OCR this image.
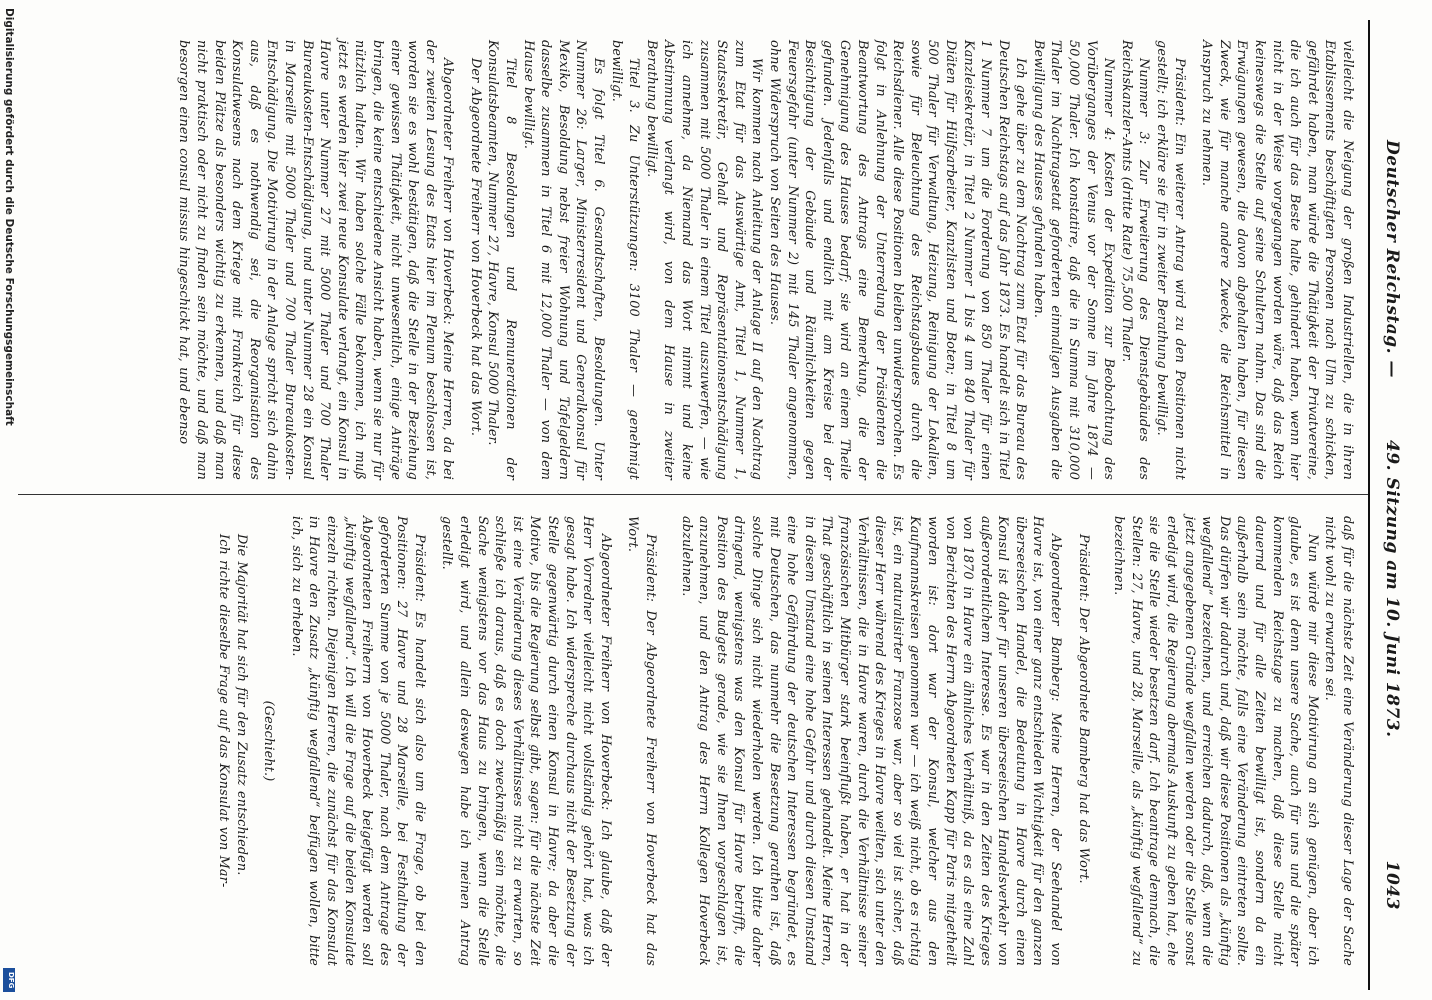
Deutscher Reichstag. —
49. Sitzung am 10. Juni 1873.
1043

vielleicht die Neigung der großen Industriellen, die in ihren Etablissements beschäftigten Personen nach Ulm zu schicken, gefährdet haben, man würde die Thätigkeit der Privatvereine, die ich auch für das Beste halte, gehindert haben, wenn hier nicht in der Weise vorgegangen worden wäre, daß das Reich keineswegs die Stelle auf seine Schultern nahm. Das sind die Erwägungen gewesen, die davon abgehalten haben, für diesen Zweck, wie für manche andere Zwecke, die Reichsmittel in Anspruch zu nehmen.

Präsident: Ein weiterer Antrag wird zu den Positionen nicht gestellt; ich erkläre sie für in zweiter Berathung bewilligt.

Nummer 3: Zur Erweiterung des Dienstgebäudes des Reichskanzler-Amts (dritte Rate) 75,500 Thaler.

Nummer 4: Kosten der Expedition zur Beobachtung des Vorüberganges der Venus vor der Sonne im Jahre 1874 — 50,000 Thaler. Ich konstatire, daß die in Summa mit 310,000 Thaler im Nachtragsetat geforderten einmaligen Ausgaben die Bewilligung des Hauses gefunden haben.

Ich gehe über zu dem Nachtrag zum Etat für das Bureau des Deutschen Reichstags auf das Jahr 1873. Es handelt sich in Titel 1 Nummer 7 um die Forderung von 850 Thaler für einen Kanzleisekretär, in Titel 2 Nummer 1 bis 4 um 840 Thaler für Diäten für Hülfsarbeiter, Kanzlisten und Boten; in Titel 8 um 500 Thaler für Verwaltung, Heizung, Reinigung der Lokalien, sowie für Beleuchtung des Reichstagsbaues durch die Reichsdiener. Alle diese Positionen bleiben unwidersprochen. Es folgt in Anlehnung der Unterredung der Präsidenten die Beantwortung des Antrags eine Bemerkung, die der Genehmigung des Hauses bedarf; sie wird an einem Theile gefunden. Jedenfalls und endlich mit am Kreise bei der Besichtigung der Gebäude und Räumlichkeiten gegen Feuersgefahr (unter Nummer 2) mit 145 Thaler angenommen, ohne Widerspruch von Seiten des Hauses.

Wir kommen nach Anleitung der Anlage II auf den Nachtrag zum Etat für das Auswärtige Amt, Titel 1, Nummer 1, Staatssekretär, Gehalt und Repräsentationsentschädigung zusammen mit 5000 Thaler in einem Titel auszuwerfen, — wie ich annehme, da Niemand das Wort nimmt und keine Abstimmung verlangt wird, von dem Hause in zweiter Berathung bewilligt.

Titel 3. Zu Unterstützungen: 3100 Thaler — genehmigt bewilligt.

Es folgt Titel 6. Gesandtschaften, Besoldungen. Unter Nummer 26: Larger, Ministerresident und Generalkonsul für Mexiko, Besoldung nebst freier Wohnung und Tafelgeldern dasselbe zusammen in Titel 6 mit 12,000 Thaler — von dem Hause bewilligt.

Titel 8 Besoldungen und Remunerationen der Konsulatsbeamten, Nummer 27, Havre, Konsul 5000 Thaler.

Der Abgeordnete Freiherr von Hoverbeck hat das Wort.

Abgeordneter Freiherr von Hoverbeck: Meine Herren, da bei der zweiten Lesung des Etats hier im Plenum beschlossen ist, worden sie es wohl bestätigen, daß die Stelle in der Beziehung einer gewissen Thätigkeit, nicht unwesentlich, einige Anträge bringen, die keine entschiedene Ansicht haben, wenn sie nur für nützlich halten. Wir haben solche Fälle bekommen, ich muß jetzt es werden hier zwei neue Konsulate verlangt, ein Konsul in Havre unter Nummer 27 mit 5000 Thaler und 700 Thaler Bureaukosten-Entschädigung, und unter Nummer 28 ein Konsul in Marseille mit 5000 Thaler und 700 Thaler Bureaukosten-Entschädigung. Die Motivirung in der Anlage spricht sich dahin aus, daß es nothwendig sei, die Reorganisation des Konsulatwesens nach dem Kriege mit Frankreich für diese beiden Plätze als besonders wichtig zu erkennen, und daß man nicht praktisch oder nicht zu finden sein möchte, und daß man besorgen einen consul missus hingeschickt hat, und ebenso

daß für die nächste Zeit eine Veränderung dieser Lage der Sache nicht wohl zu erwarten sei.

Nun würde mir diese Motivirung an sich genügen, aber ich glaube, es ist denn unsere Sache, auch für uns und die später kommenden Reichstage zu machen, daß diese Stelle nicht dauernd und für alle Zeiten bewilligt ist, sondern da ein außerhalb sein möchte, falls eine Veränderung eintreten sollte. Das dürfen wir dadurch und, daß wir diese Positionen als „künftig wegfallend“ bezeichnen, und erreichen dadurch, daß, wenn die jetzt angegebenen Gründe wegfallen werden oder die Stelle sonst erledigt wird, die Regierung abermals Auskunft zu geben hat, ehe sie die Stelle wieder besetzen darf. Ich beantrage demnach, die Stellen: 27, Havre, und 28, Marseille, als „künftig wegfallend“ zu bezeichnen.

Präsident: Der Abgeordnete Bamberg hat das Wort.

Abgeordneter Bamberg: Meine Herren, der Seehandel von Havre ist, von einer ganz entschieden Wichtigkeit für den ganzen überseeischen Handel, die Bedeutung in Havre durch einen Konsul ist daher für unseren überseeischen Handelsverkehr von außerordentlichem Interesse. Es war in den Zeiten des Krieges von 1870 in Havre ein ähnliches Verhältniß, da es als eine Zahl von Berichten des Herrn Abgeordneten Kapp für Paris mitgetheilt worden ist: dort war der Konsul, welcher aus den Kaufmannskreisen genommen war — ich weiß nicht, ob es richtig ist, ein naturalisirter Franzose war, aber so viel ist sicher, daß dieser Herr während des Krieges in Havre weilten, sich unter den Verhältnissen, die in Havre waren, durch die Verhältnisse seiner französischen Mitbürger stark beeinflußt haben, er hat in der That geschäftlich in seinen Interessen gehandelt. Meine Herren, in diesem Umstand eine hohe Gefahr und durch diesen Umstand eine hohe Gefährdung der deutschen Interessen begründet, es mit Deutschen, das nunmehr die Besetzung gerathen ist, daß solche Dinge sich nicht wiederholen werden. Ich bitte daher dringend, wenigstens was den Konsul für Havre betrifft, die Position des Budgets gerade, wie sie Ihnen vorgeschlagen ist, anzunehmen, und den Antrag des Herrn Kollegen Hoverbeck abzulehnen.

Präsident: Der Abgeordnete Freiherr von Hoverbeck hat das Wort.

Abgeordneter Freiherr von Hoverbeck: Ich glaube, daß der Herr Vorredner vielleicht nicht vollständig gehört hat, was ich gesagt habe. Ich widerspreche durchaus nicht der Besetzung der Stelle gegenwärtig durch einen Konsul in Havre; da aber die Motive, bis die Regierung selbst gibt, sagen: für die nächste Zeit ist eine Veränderung dieses Verhältnisses nicht zu erwarten, so schließe ich daraus, daß es doch zweckmäßig sein möchte, die Sache wenigstens vor das Haus zu bringen, wenn die Stelle erledigt wird, und allein deswegen habe ich meinen Antrag gestellt.

Präsident: Es handelt sich also um die Frage, ob bei den Positionen: 27 Havre und 28 Marseille, bei Festhaltung der geforderten Summe von je 5000 Thaler, nach dem Antrage des Abgeordneten Freiherrn von Hoverbeck beigefügt werden soll „künftig wegfallend“. Ich will die Frage auf die beiden Konsulate einzeln richten. Diejenigen Herren, die zunächst für das Konsulat in Havre den Zusatz „künftig wegfallend“ beifügen wollen, bitte ich, sich zu erheben.

(Geschieht.)

Die Majorität hat sich für den Zusatz entschieden.

Ich richte dieselbe Frage auf das Konsulat von Mar-

Digitalisierung gefördert durch die Deutsche Forschungsgemeinschaft
DFG
